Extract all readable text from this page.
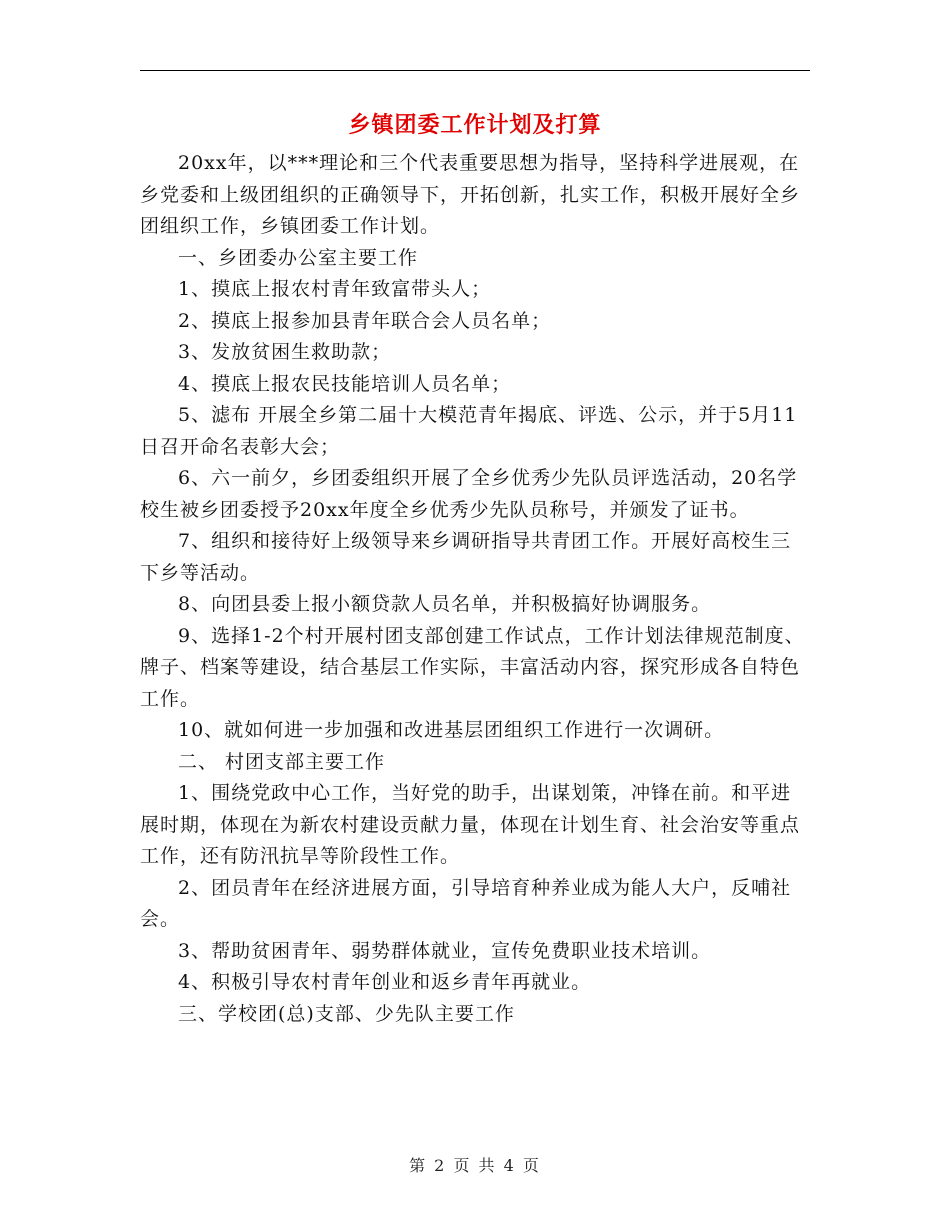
乡镇团委工作计划及打算

20xx年，以***理论和三个代表重要思想为指导，坚持科学进展观，在乡党委和上级团组织的正确领导下，开拓创新，扎实工作，积极开展好全乡团组织工作，乡镇团委工作计划。

一、乡团委办公室主要工作

1、摸底上报农村青年致富带头人；

2、摸底上报参加县青年联合会人员名单；

3、发放贫困生救助款；

4、摸底上报农民技能培训人员名单；

5、滤布 开展全乡第二届十大模范青年揭底、评选、公示，并于5月11日召开命名表彰大会；

6、六一前夕，乡团委组织开展了全乡优秀少先队员评选活动，20名学校生被乡团委授予20xx年度全乡优秀少先队员称号，并颁发了证书。

7、组织和接待好上级领导来乡调研指导共青团工作。开展好高校生三下乡等活动。

8、向团县委上报小额贷款人员名单，并积极搞好协调服务。

9、选择1-2个村开展村团支部创建工作试点，工作计划法律规范制度、牌子、档案等建设，结合基层工作实际，丰富活动内容，探究形成各自特色工作。

10、就如何进一步加强和改进基层团组织工作进行一次调研。

二、 村团支部主要工作

1、围绕党政中心工作，当好党的助手，出谋划策，冲锋在前。和平进展时期，体现在为新农村建设贡献力量，体现在计划生育、社会治安等重点工作，还有防汛抗旱等阶段性工作。

2、团员青年在经济进展方面，引导培育种养业成为能人大户，反哺社会。

3、帮助贫困青年、弱势群体就业，宣传免费职业技术培训。

4、积极引导农村青年创业和返乡青年再就业。

三、学校团(总)支部、少先队主要工作

第 2 页 共 4 页
